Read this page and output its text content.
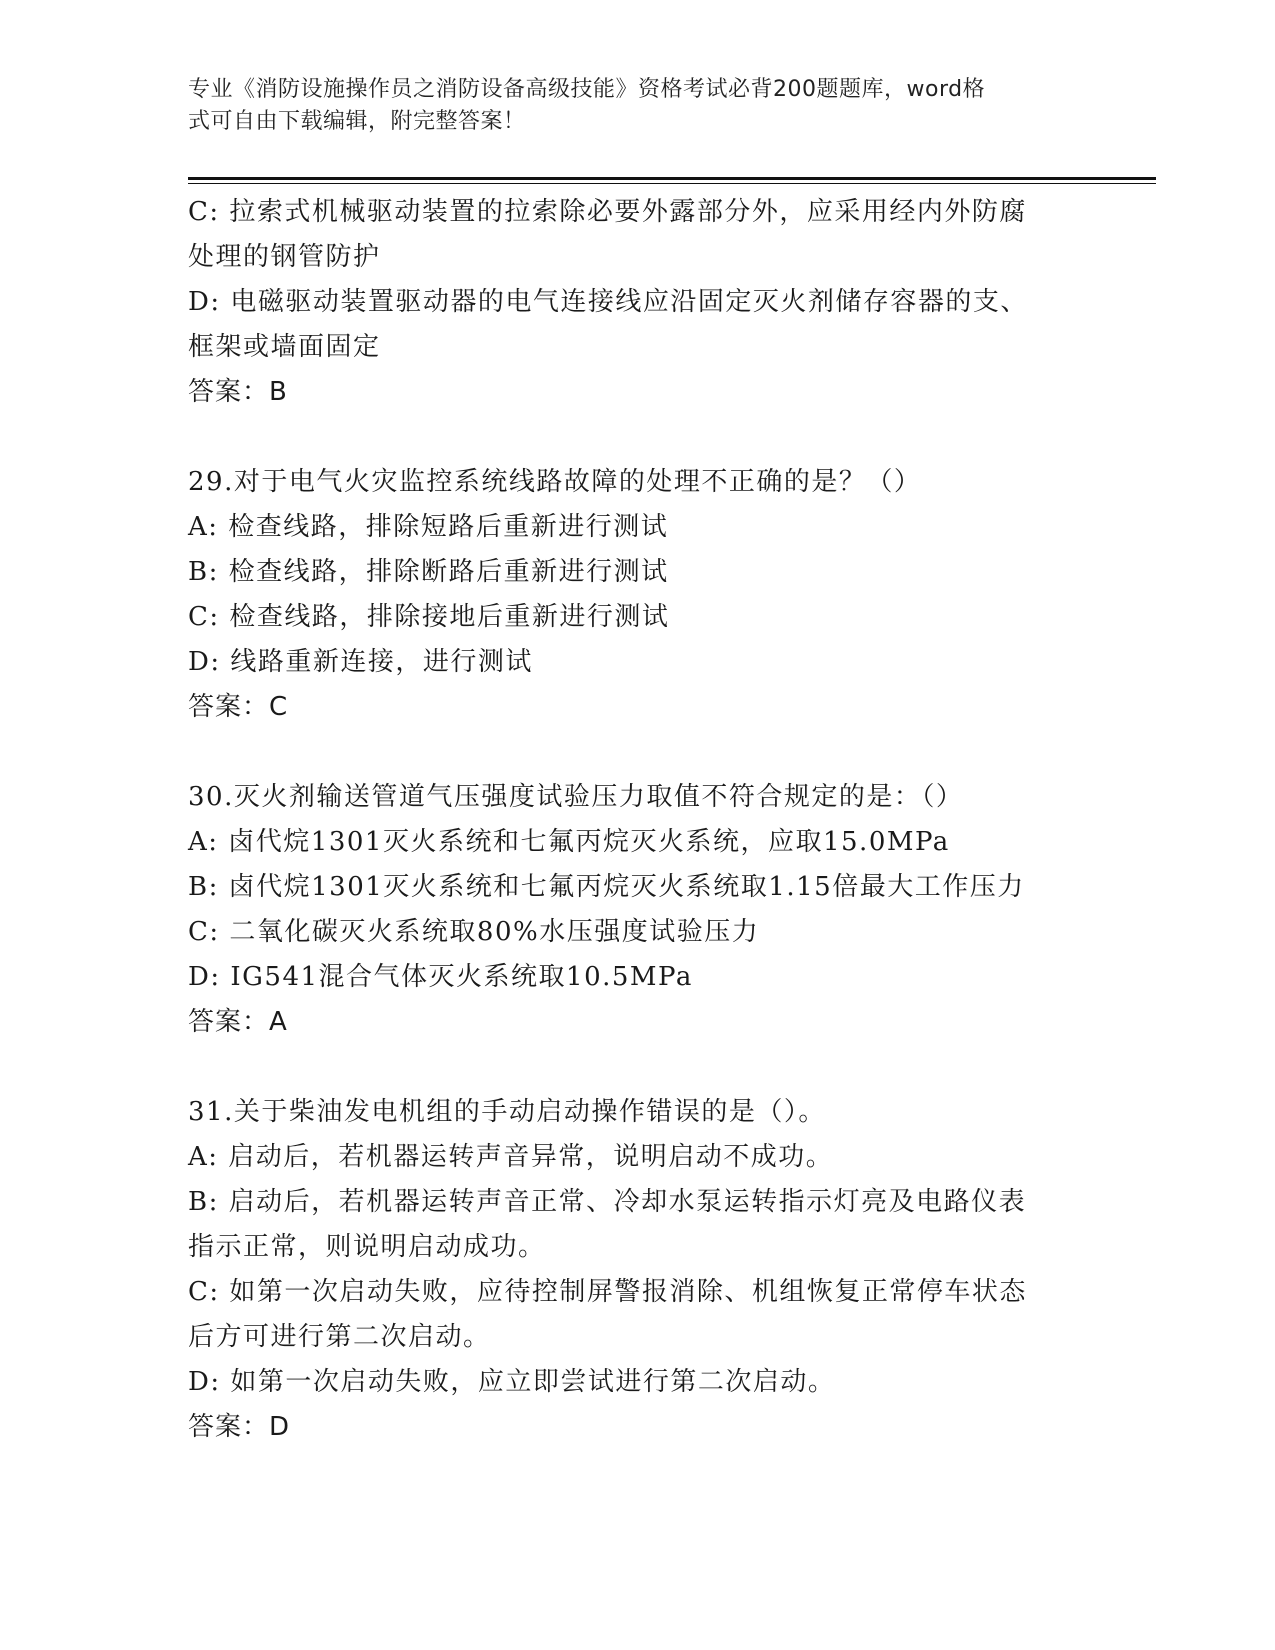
专业《消防设施操作员之消防设备高级技能》资格考试必背200题题库，word格
式可自由下载编辑，附完整答案！
C: 拉索式机械驱动装置的拉索除必要外露部分外，应采用经内外防腐
处理的钢管防护
D: 电磁驱动装置驱动器的电气连接线应沿固定灭火剂储存容器的支、
框架或墙面固定
答案：B
29.对于电气火灾监控系统线路故障的处理不正确的是？（）
A: 检查线路，排除短路后重新进行测试
B: 检查线路，排除断路后重新进行测试
C: 检查线路，排除接地后重新进行测试
D: 线路重新连接，进行测试
答案：C
30.灭火剂输送管道气压强度试验压力取值不符合规定的是：（）
A: 卤代烷1301灭火系统和七氟丙烷灭火系统，应取15.0MPa
B: 卤代烷1301灭火系统和七氟丙烷灭火系统取1.15倍最大工作压力
C: 二氧化碳灭火系统取80%水压强度试验压力
D: IG541混合气体灭火系统取10.5MPa
答案：A
31.关于柴油发电机组的手动启动操作错误的是（）。
A: 启动后，若机器运转声音异常，说明启动不成功。
B: 启动后，若机器运转声音正常、冷却水泵运转指示灯亮及电路仪表
指示正常，则说明启动成功。
C: 如第一次启动失败，应待控制屏警报消除、机组恢复正常停车状态
后方可进行第二次启动。
D: 如第一次启动失败，应立即尝试进行第二次启动。
答案：D
